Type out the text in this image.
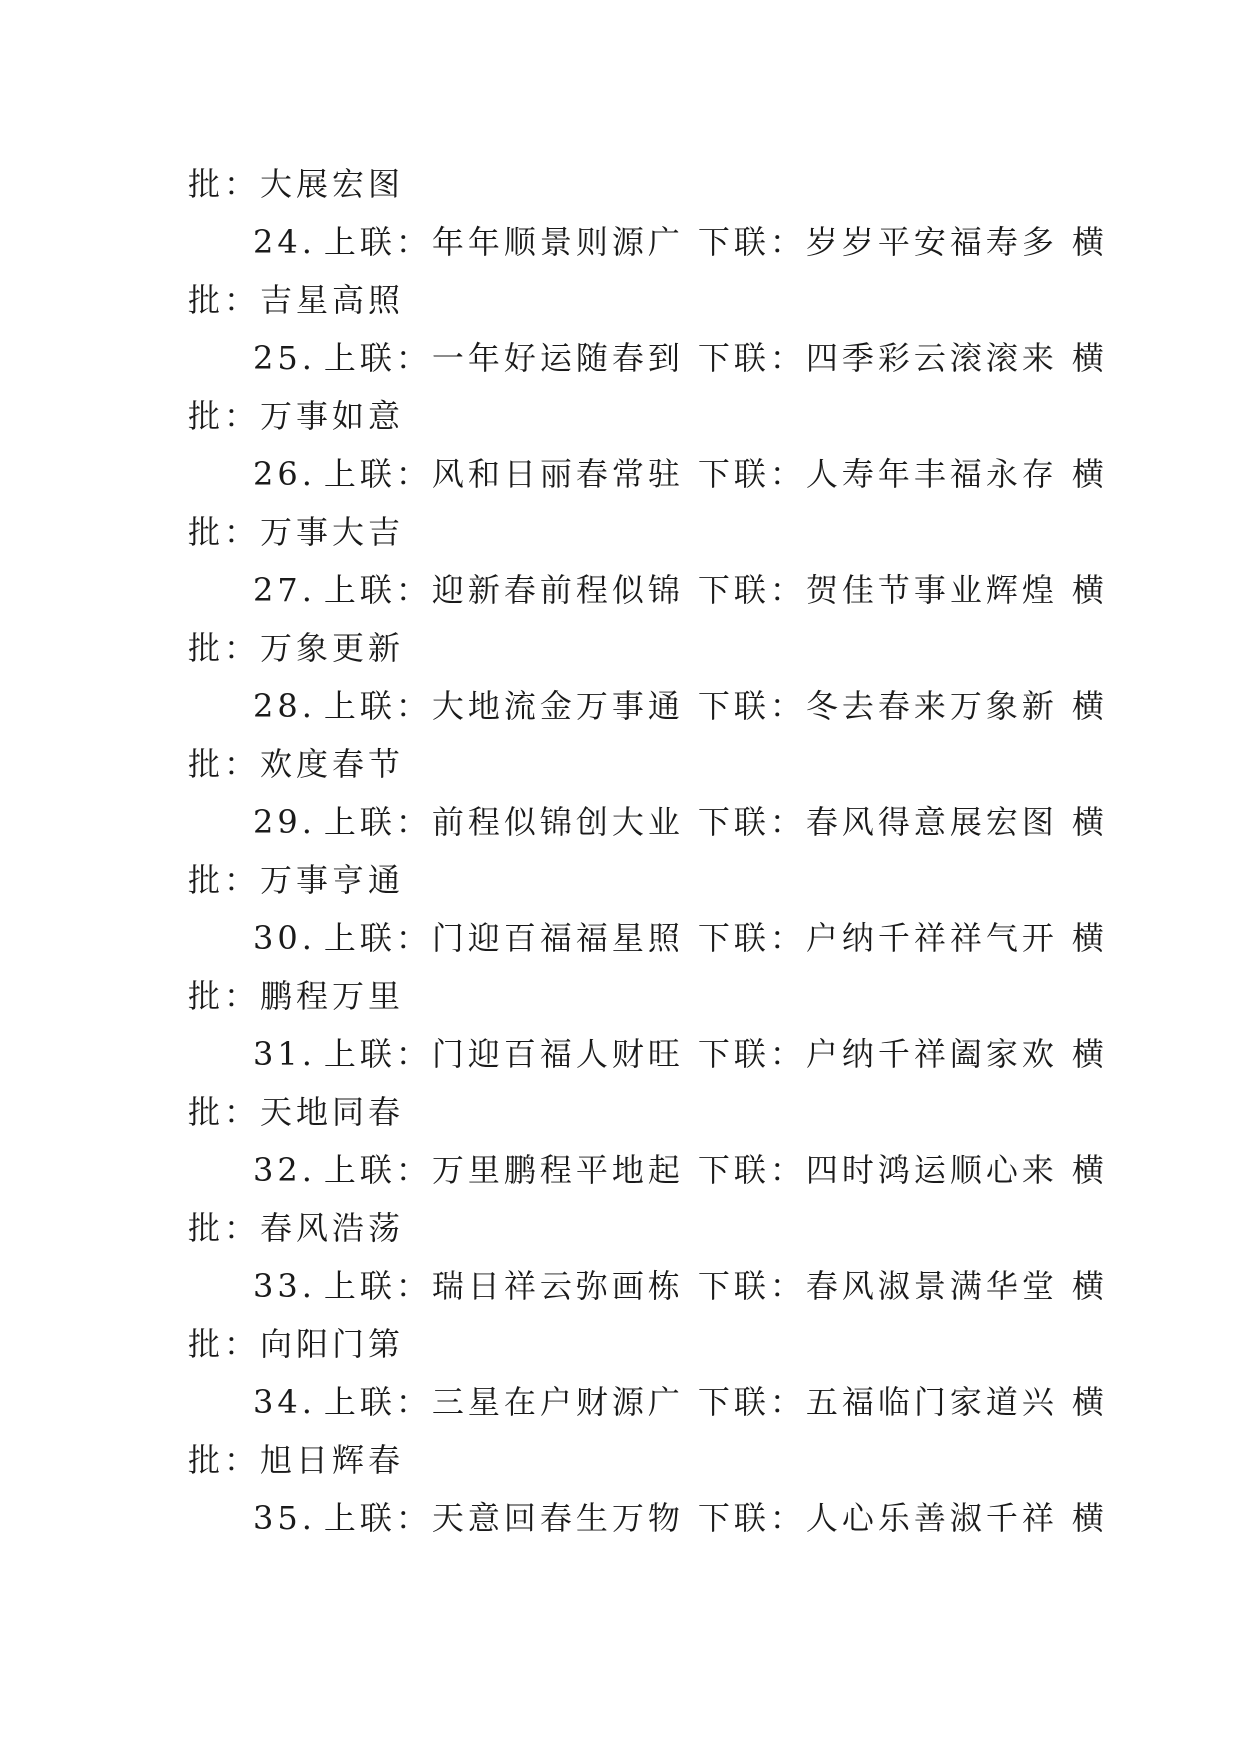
批：大展宏图
24. 上联：年年顺景则源广 下联：岁岁平安福寿多 横
批：吉星高照
25. 上联：一年好运随春到 下联：四季彩云滚滚来 横
批：万事如意
26. 上联：风和日丽春常驻 下联：人寿年丰福永存 横
批：万事大吉
27. 上联：迎新春前程似锦 下联：贺佳节事业辉煌 横
批：万象更新
28. 上联：大地流金万事通 下联：冬去春来万象新 横
批：欢度春节
29. 上联：前程似锦创大业 下联：春风得意展宏图 横
批：万事亨通
30. 上联：门迎百福福星照 下联：户纳千祥祥气开 横
批：鹏程万里
31. 上联：门迎百福人财旺 下联：户纳千祥阖家欢 横
批：天地同春
32. 上联：万里鹏程平地起 下联：四时鸿运顺心来 横
批：春风浩荡
33. 上联：瑞日祥云弥画栋 下联：春风淑景满华堂 横
批：向阳门第
34. 上联：三星在户财源广 下联：五福临门家道兴 横
批：旭日辉春
35. 上联：天意回春生万物 下联：人心乐善淑千祥 横
